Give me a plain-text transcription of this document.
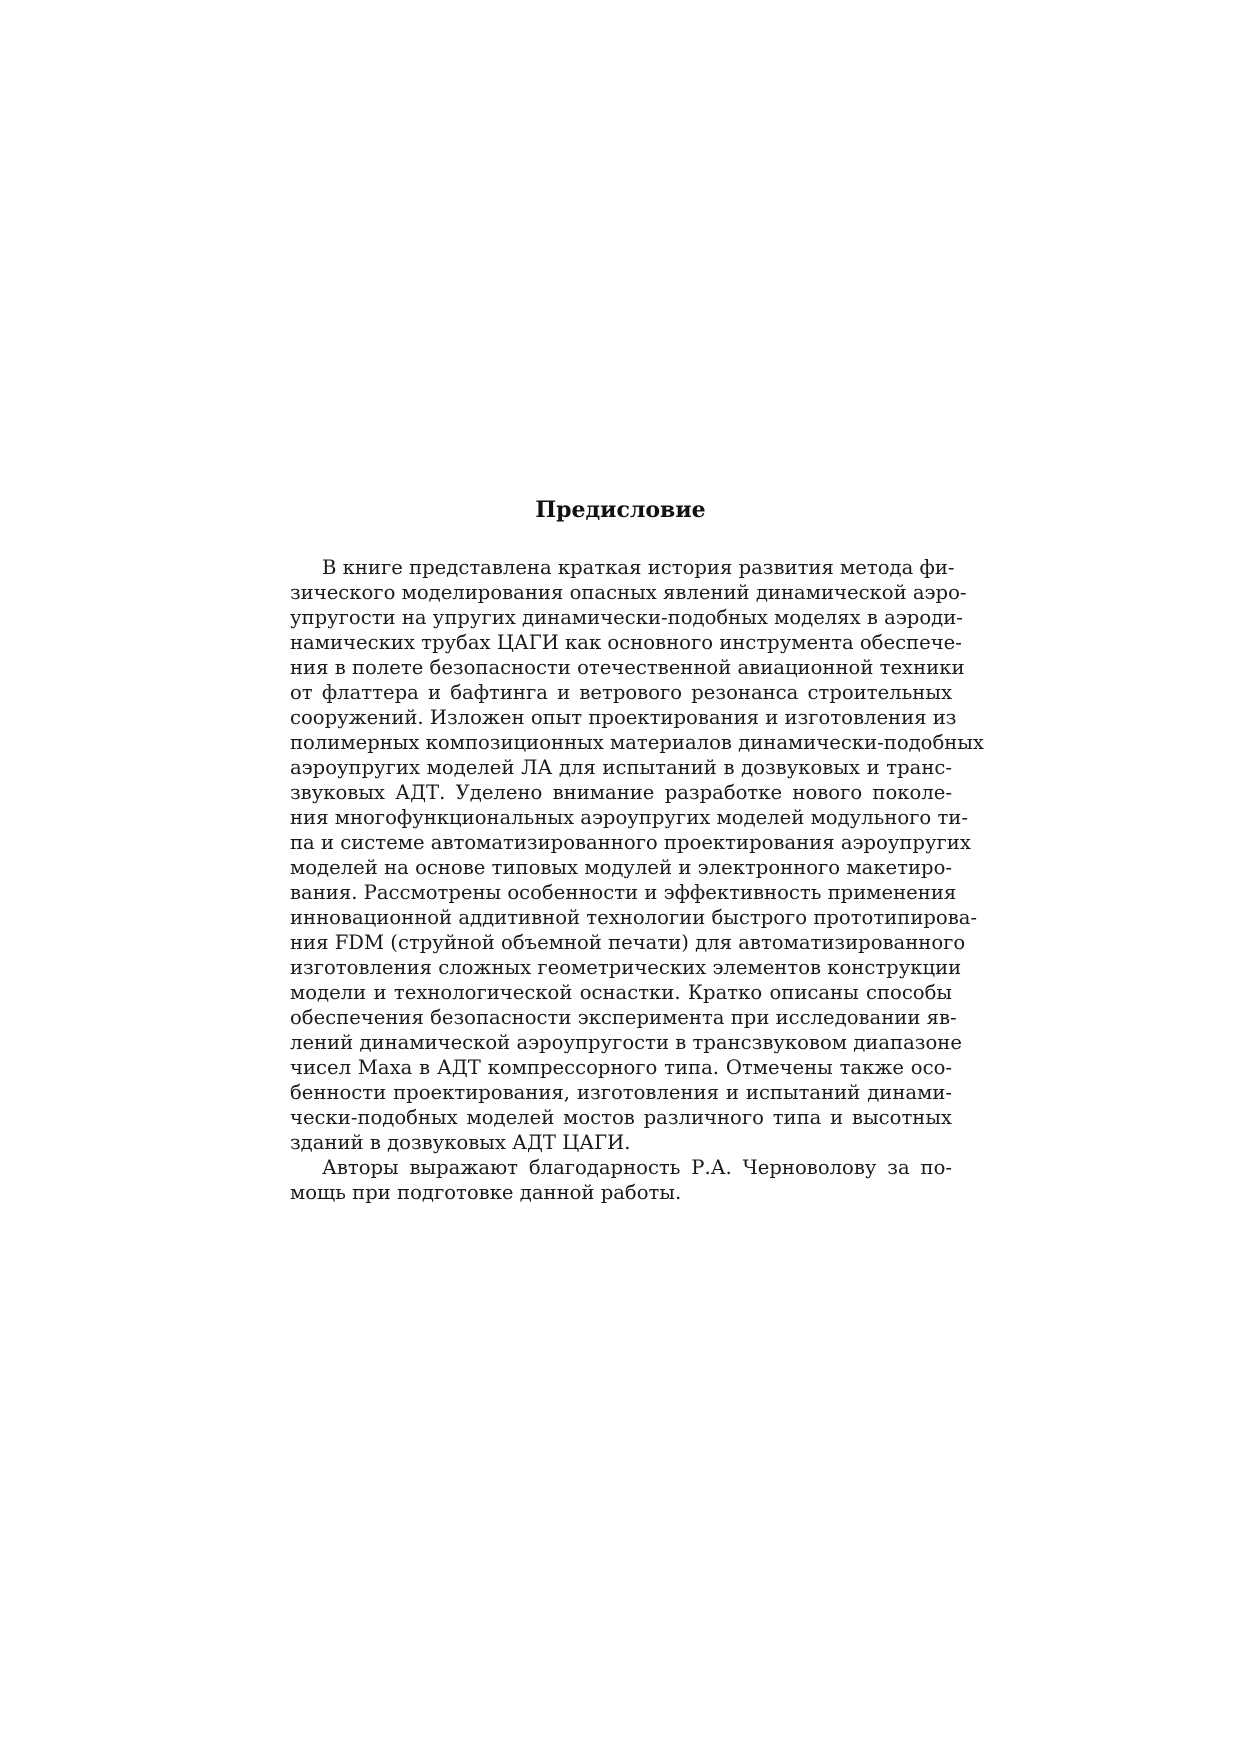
Предисловие
В книге представлена краткая история развития метода фи-
зического моделирования опасных явлений динамической аэро-
упругости на упругих динамически-подобных моделях в аэроди-
намических трубах ЦАГИ как основного инструмента обеспече-
ния в полете безопасности отечественной авиационной техники
от флаттера и бафтинга и ветрового резонанса строительных
сооружений. Изложен опыт проектирования и изготовления из
полимерных композиционных материалов динамически-подобных
аэроупругих моделей ЛА для испытаний в дозвуковых и транс-
звуковых АДТ. Уделено внимание разработке нового поколе-
ния многофункциональных аэроупругих моделей модульного ти-
па и системе автоматизированного проектирования аэроупругих
моделей на основе типовых модулей и электронного макетиро-
вания. Рассмотрены особенности и эффективность применения
инновационной аддитивной технологии быстрого прототипирова-
ния FDM (струйной объемной печати) для автоматизированного
изготовления сложных геометрических элементов конструкции
модели и технологической оснастки. Кратко описаны способы
обеспечения безопасности эксперимента при исследовании яв-
лений динамической аэроупругости в трансзвуковом диапазоне
чисел Маха в АДТ компрессорного типа. Отмечены также осо-
бенности проектирования, изготовления и испытаний динами-
чески-подобных моделей мостов различного типа и высотных
зданий в дозвуковых АДТ ЦАГИ.
Авторы выражают благодарность Р.А. Черноволову за по-
мощь при подготовке данной работы.
